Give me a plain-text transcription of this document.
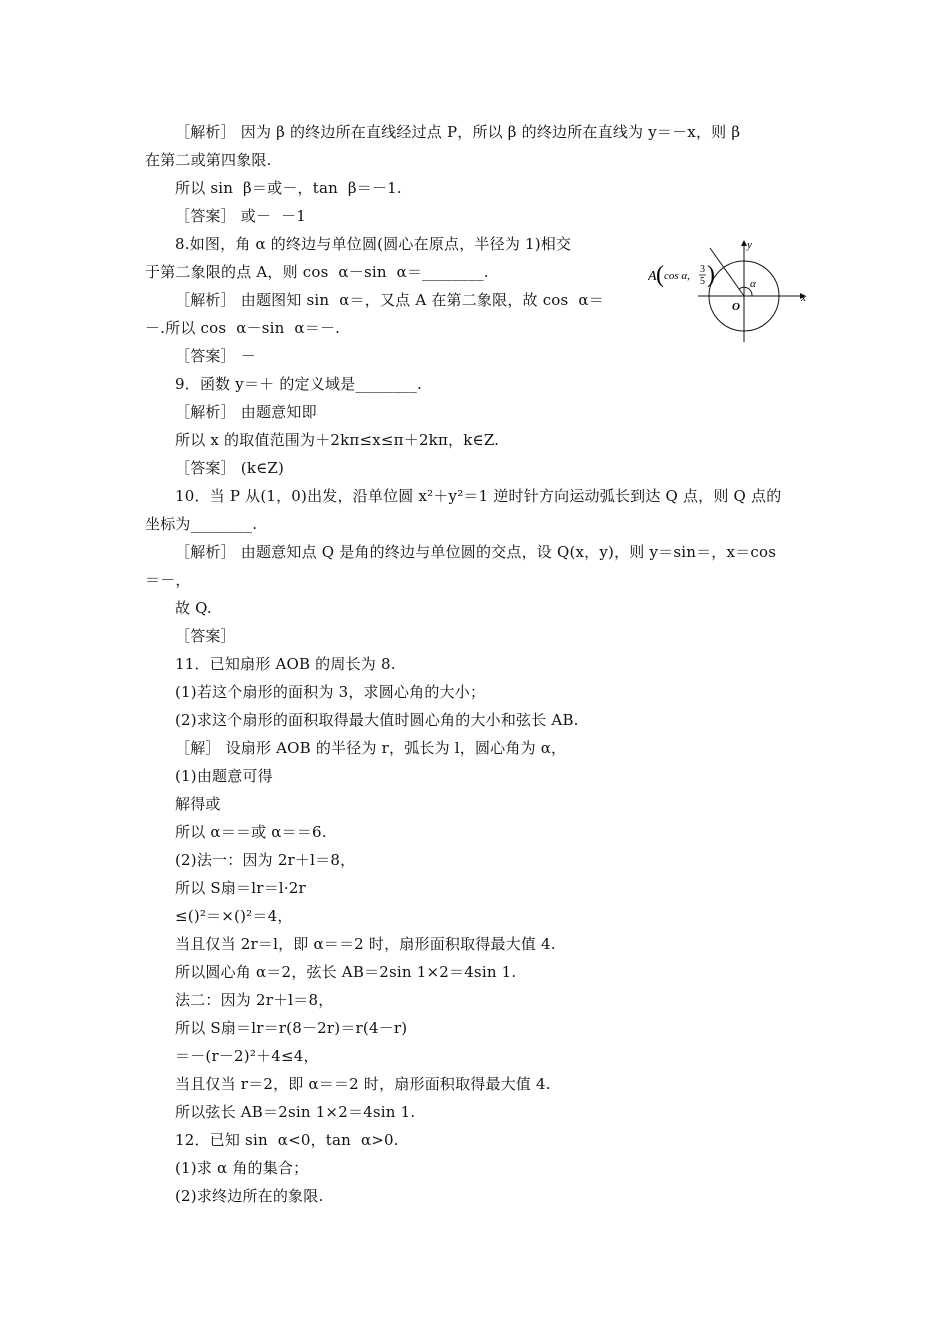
［解析］ 因为 β 的终边所在直线经过点 P，所以 β 的终边所在直线为 y＝－x，则 β
在第二或第四象限.
所以 sin  β＝或－，tan  β＝－1.
［答案］ 或－  －1
8.如图，角 α 的终边与单位圆(圆心在原点，半径为 1)相交
于第二象限的点 A，则 cos  α－sin  α＝________.
［解析］ 由题图知 sin  α＝，又点 A 在第二象限，故 cos  α＝
－.所以 cos  α－sin  α＝－.
［答案］ －
9．函数 y＝＋ 的定义域是________.
［解析］ 由题意知即
所以 x 的取值范围为＋2kπ≤x≤π＋2kπ，k∈Z.
［答案］ (k∈Z)
10．当 P 从(1，0)出发，沿单位圆 x²＋y²＝1 逆时针方向运动弧长到达 Q 点，则 Q 点的
坐标为________.
［解析］ 由题意知点 Q 是角的终边与单位圆的交点，设 Q(x，y)，则 y＝sin＝，x＝cos
＝－，
故 Q.
［答案］
11．已知扇形 AOB 的周长为 8.
(1)若这个扇形的面积为 3，求圆心角的大小；
(2)求这个扇形的面积取得最大值时圆心角的大小和弦长 AB.
［解］ 设扇形 AOB 的半径为 r，弧长为 l，圆心角为 α，
(1)由题意可得
解得或
所以 α＝＝或 α＝＝6.
(2)法一：因为 2r＋l＝8，
所以 S扇＝lr＝l·2r
≤()²＝×()²＝4，
当且仅当 2r＝l，即 α＝＝2 时，扇形面积取得最大值 4.
所以圆心角 α＝2，弦长 AB＝2sin 1×2＝4sin 1.
法二：因为 2r＋l＝8，
所以 S扇＝lr＝r(8－2r)＝r(4－r)
＝－(r－2)²＋4≤4，
当且仅当 r＝2，即 α＝＝2 时，扇形面积取得最大值 4.
所以弦长 AB＝2sin 1×2＝4sin 1.
12．已知 sin  α<0，tan  α>0.
(1)求 α 角的集合；
(2)求终边所在的象限.
A ( cos α,
3
5 )	α
O
x
y
